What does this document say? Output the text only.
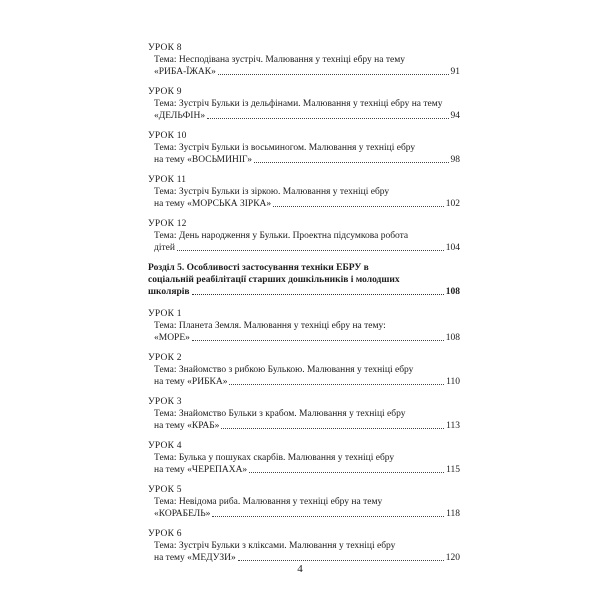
УРОК 8
Тема: Несподівана зустріч. Малювання у техніці ебру на тему
«РИБА-ЇЖАК»	91
УРОК 9
Тема: Зустріч Бульки із дельфінами. Малювання у техніці ебру на тему
«ДЕЛЬФІН»	94
УРОК 10
Тема: Зустріч Бульки із восьминогом. Малювання у техніці ебру
на тему «ВОСЬМИНІГ»	98
УРОК 11
Тема: Зустріч Бульки із зіркою. Малювання у техніці ебру
на тему «МОРСЬКА ЗІРКА»	102
УРОК 12
Тема: День народження у Бульки. Проектна підсумкова робота
дітей	104
Розділ 5. Особливості застосування техніки ЕБРУ в
соціальній реабілітації старших дошкільників і молодших
школярів	108
УРОК 1
Тема: Планета Земля. Малювання у техніці ебру на тему:
«МОРЕ»	108
УРОК 2
Тема: Знайомство з рибкою Булькою. Малювання у техніці ебру
на тему «РИБКА»	110
УРОК 3
Тема: Знайомство Бульки з крабом. Малювання у техніці ебру
на тему «КРАБ»	113
УРОК 4
Тема: Булька у пошуках скарбів. Малювання у техніці ебру
на тему «ЧЕРЕПАХА»	115
УРОК 5
Тема: Невідома риба. Малювання у техніці ебру на тему
«КОРАБЕЛЬ»	118
УРОК 6
Тема: Зустріч Бульки з кліксами. Малювання у техніці ебру
на тему «МЕДУЗИ»	120
4
